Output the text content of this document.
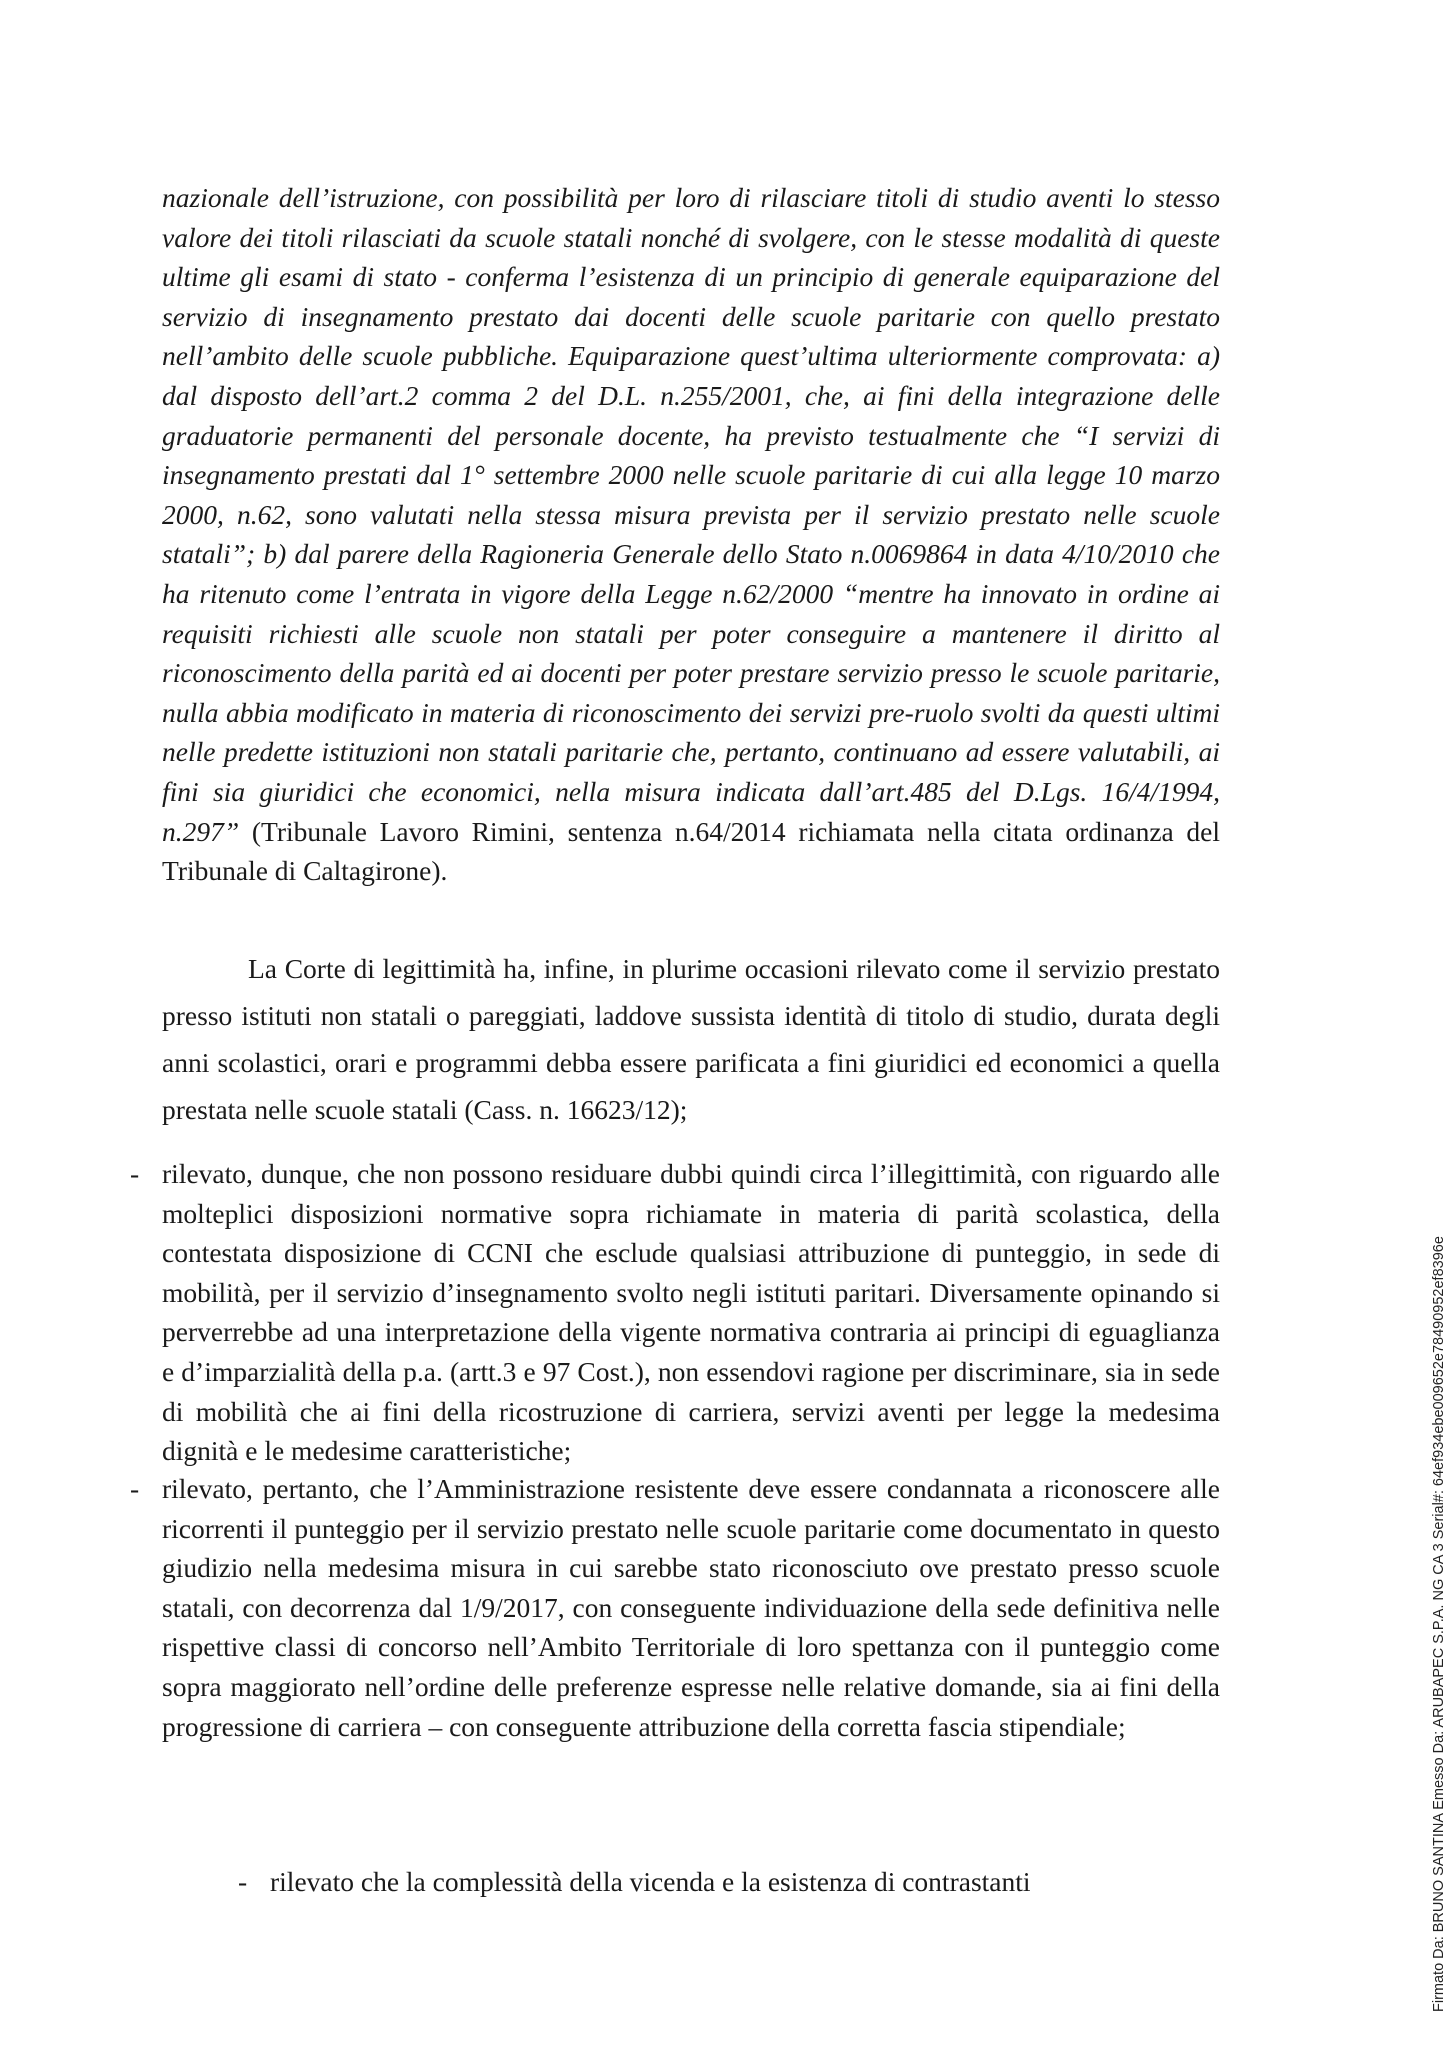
nazionale dell’istruzione, con possibilità per loro di rilasciare titoli di studio aventi lo stesso valore dei titoli rilasciati da scuole statali nonché di svolgere, con le stesse modalità di queste ultime gli esami di stato - conferma l’esistenza di un principio di generale equiparazione del servizio di insegnamento prestato dai docenti delle scuole paritarie con quello prestato nell’ambito delle scuole pubbliche. Equiparazione quest’ultima ulteriormente comprovata: a) dal disposto dell’art.2 comma 2 del D.L. n.255/2001, che, ai fini della integrazione delle graduatorie permanenti del personale docente, ha previsto testualmente che “I servizi di insegnamento prestati dal 1° settembre 2000 nelle scuole paritarie di cui alla legge 10 marzo 2000, n.62, sono valutati nella stessa misura prevista per il servizio prestato nelle scuole statali”; b) dal parere della Ragioneria Generale dello Stato n.0069864 in data 4/10/2010 che ha ritenuto come l’entrata in vigore della Legge n.62/2000 “mentre ha innovato in ordine ai requisiti richiesti alle scuole non statali per poter conseguire a mantenere il diritto al riconoscimento della parità ed ai docenti per poter prestare servizio presso le scuole paritarie, nulla abbia modificato in materia di riconoscimento dei servizi pre-ruolo svolti da questi ultimi nelle predette istituzioni non statali paritarie che, pertanto, continuano ad essere valutabili, ai fini sia giuridici che economici, nella misura indicata dall’art.485 del D.Lgs. 16/4/1994, n.297” (Tribunale Lavoro Rimini, sentenza n.64/2014 richiamata nella citata ordinanza del Tribunale di Caltagirone).

La Corte di legittimità ha, infine, in plurime occasioni rilevato come il servizio prestato presso istituti non statali o pareggiati, laddove sussista identità di titolo di studio, durata degli anni scolastici, orari e programmi debba essere parificata a fini giuridici ed economici a quella prestata nelle scuole statali (Cass. n. 16623/12);

- rilevato, dunque, che non possono residuare dubbi quindi circa l’illegittimità, con riguardo alle molteplici disposizioni normative sopra richiamate in materia di parità scolastica, della contestata disposizione di CCNI che esclude qualsiasi attribuzione di punteggio, in sede di mobilità, per il servizio d’insegnamento svolto negli istituti paritari. Diversamente opinando si perverrebbe ad una interpretazione della vigente normativa contraria ai principi di eguaglianza e d’imparzialità della p.a. (artt.3 e 97 Cost.), non essendovi ragione per discriminare, sia in sede di mobilità che ai fini della ricostruzione di carriera, servizi aventi per legge la medesima dignità e le medesime caratteristiche;
- rilevato, pertanto, che l’Amministrazione resistente deve essere condannata a riconoscere alle ricorrenti il punteggio per il servizio prestato nelle scuole paritarie come documentato in questo giudizio nella medesima misura in cui sarebbe stato riconosciuto ove prestato presso scuole statali, con decorrenza dal 1/9/2017, con conseguente individuazione della sede definitiva nelle rispettive classi di concorso nell’Ambito Territoriale di loro spettanza con il punteggio come sopra maggiorato nell’ordine delle preferenze espresse nelle relative domande, sia ai fini della progressione di carriera – con conseguente attribuzione della corretta fascia stipendiale;
- rilevato che la complessità della vicenda e la esistenza di contrastanti	Firmato Da: BRUNO SANTINA Emesso Da: ARUBAPEC S.P.A. NG CA 3 Serial#: 64ef934ebe009652e78490952ef8396e
